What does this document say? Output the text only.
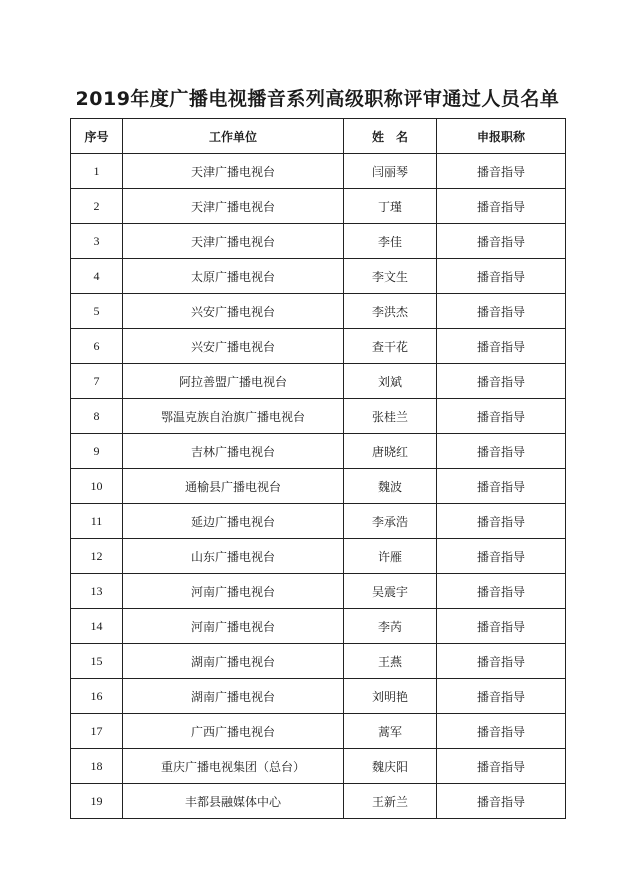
2019年度广播电视播音系列高级职称评审通过人员名单
序号	工作单位	姓　名	申报职称
1	天津广播电视台	闫丽琴	播音指导
2	天津广播电视台	丁瑾	播音指导
3	天津广播电视台	李佳	播音指导
4	太原广播电视台	李文生	播音指导
5	兴安广播电视台	李洪杰	播音指导
6	兴安广播电视台	查干花	播音指导
7	阿拉善盟广播电视台	刘斌	播音指导
8	鄂温克族自治旗广播电视台	张桂兰	播音指导
9	吉林广播电视台	唐晓红	播音指导
10	通榆县广播电视台	魏波	播音指导
11	延边广播电视台	李承浩	播音指导
12	山东广播电视台	许雁	播音指导
13	河南广播电视台	吴震宇	播音指导
14	河南广播电视台	李芮	播音指导
15	湖南广播电视台	王燕	播音指导
16	湖南广播电视台	刘明艳	播音指导
17	广西广播电视台	蒿军	播音指导
18	重庆广播电视集团（总台）	魏庆阳	播音指导
19	丰都县融媒体中心	王新兰	播音指导
